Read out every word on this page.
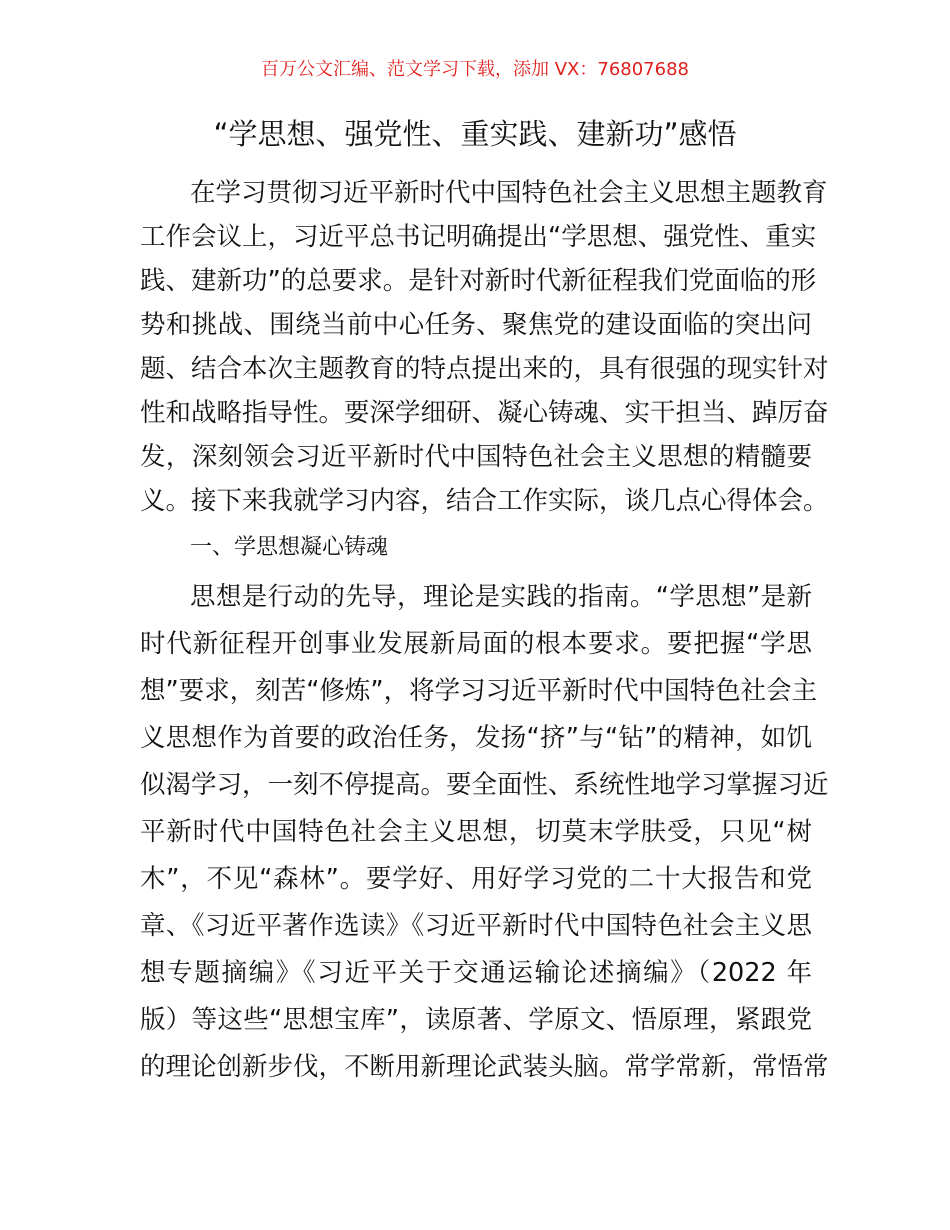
百万公文汇编、范文学习下载，添加 VX：76807688
“学思想、强党性、重实践、建新功”感悟
在学习贯彻习近平新时代中国特色社会主义思想主题教育
工作会议上，习近平总书记明确提出“学思想、强党性、重实
践、建新功”的总要求。是针对新时代新征程我们党面临的形
势和挑战、围绕当前中心任务、聚焦党的建设面临的突出问
题、结合本次主题教育的特点提出来的，具有很强的现实针对
性和战略指导性。要深学细研、凝心铸魂、实干担当、踔厉奋
发，深刻领会习近平新时代中国特色社会主义思想的精髓要
义。接下来我就学习内容，结合工作实际，谈几点心得体会。
一、学思想凝心铸魂
思想是行动的先导，理论是实践的指南。“学思想”是新
时代新征程开创事业发展新局面的根本要求。要把握“学思
想”要求，刻苦“修炼”，将学习习近平新时代中国特色社会主
义思想作为首要的政治任务，发扬“挤”与“钻”的精神，如饥
似渴学习，一刻不停提高。要全面性、系统性地学习掌握习近
平新时代中国特色社会主义思想，切莫末学肤受，只见“树
木”，不见“森林”。要学好、用好学习党的二十大报告和党
章、《习近平著作选读》《习近平新时代中国特色社会主义思
想专题摘编》《习近平关于交通运输论述摘编》（2022 年
版）等这些“思想宝库”，读原著、学原文、悟原理，紧跟党
的理论创新步伐，不断用新理论武装头脑。常学常新，常悟常
